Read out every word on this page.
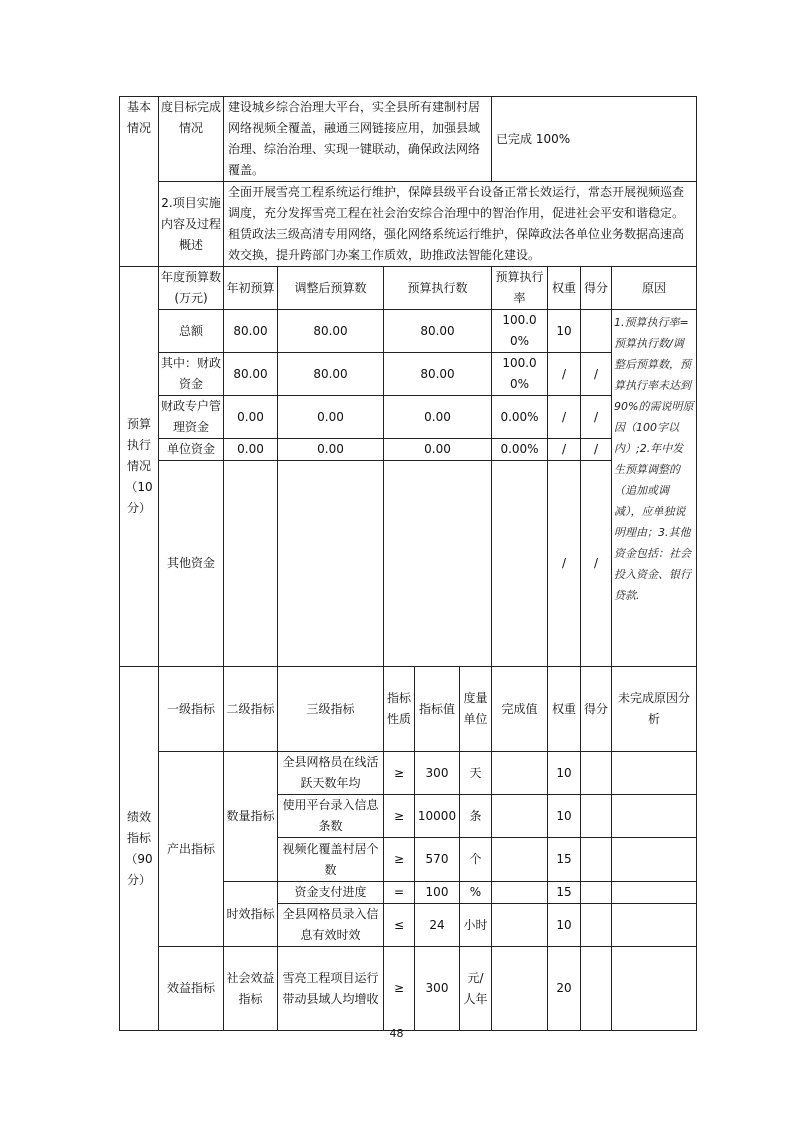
基本情况	度目标完成情况	建设城乡综合治理大平台，实全县所有建制村居网络视频全覆盖，融通三网链接应用，加强县域治理、综治治理、实现一键联动，确保政法网络覆盖。					已完成 100%			
	2.项目实施内容及过程概述	全面开展雪亮工程系统运行维护，保障县级平台设备正常长效运行，常态开展视频巡查调度，充分发挥雪亮工程在社会治安综合治理中的智治作用，促进社会平安和谐稳定。租赁政法三级高清专用网络，强化网络系统运行维护，保障政法各单位业务数据高速高效交换，提升跨部门办案工作质效，助推政法智能化建设。								
预算执行情况（10分）	年度预算数(万元)	年初预算	调整后预算数	预算执行数			预算执行率	权重	得分	原因
	总额	80.00	80.00	80.00			100.00%	10		1.预算执行率=预算执行数/调整后预算数，预算执行率未达到90%的需说明原因（100字以内）;2.年中发生预算调整的（追加或调减），应单独说明理由；3.其他资金包括：社会投入资金、银行贷款.
	其中：财政资金	80.00	80.00	80.00			100.00%	/	/	
	财政专户管理资金	0.00	0.00	0.00			0.00%	/	/	
	单位资金	0.00	0.00	0.00			0.00%	/	/	
	其他资金							/	/	
绩效指标（90分）	一级指标	二级指标	三级指标	指标性质	指标值	度量单位	完成值	权重	得分	未完成原因分析
	产出指标	数量指标	全县网格员在线活跃天数年均	≥	300	天		10		
			使用平台录入信息条数	≥	10000	条		10		
			视频化覆盖村居个数	≥	570	个		15		
		时效指标	资金支付进度	=	100	%		15		
			全县网格员录入信息有效时效	≤	24	小时		10		
	效益指标	社会效益指标	雪亮工程项目运行带动县域人均增收	≥	300	元/人年		20		
48
